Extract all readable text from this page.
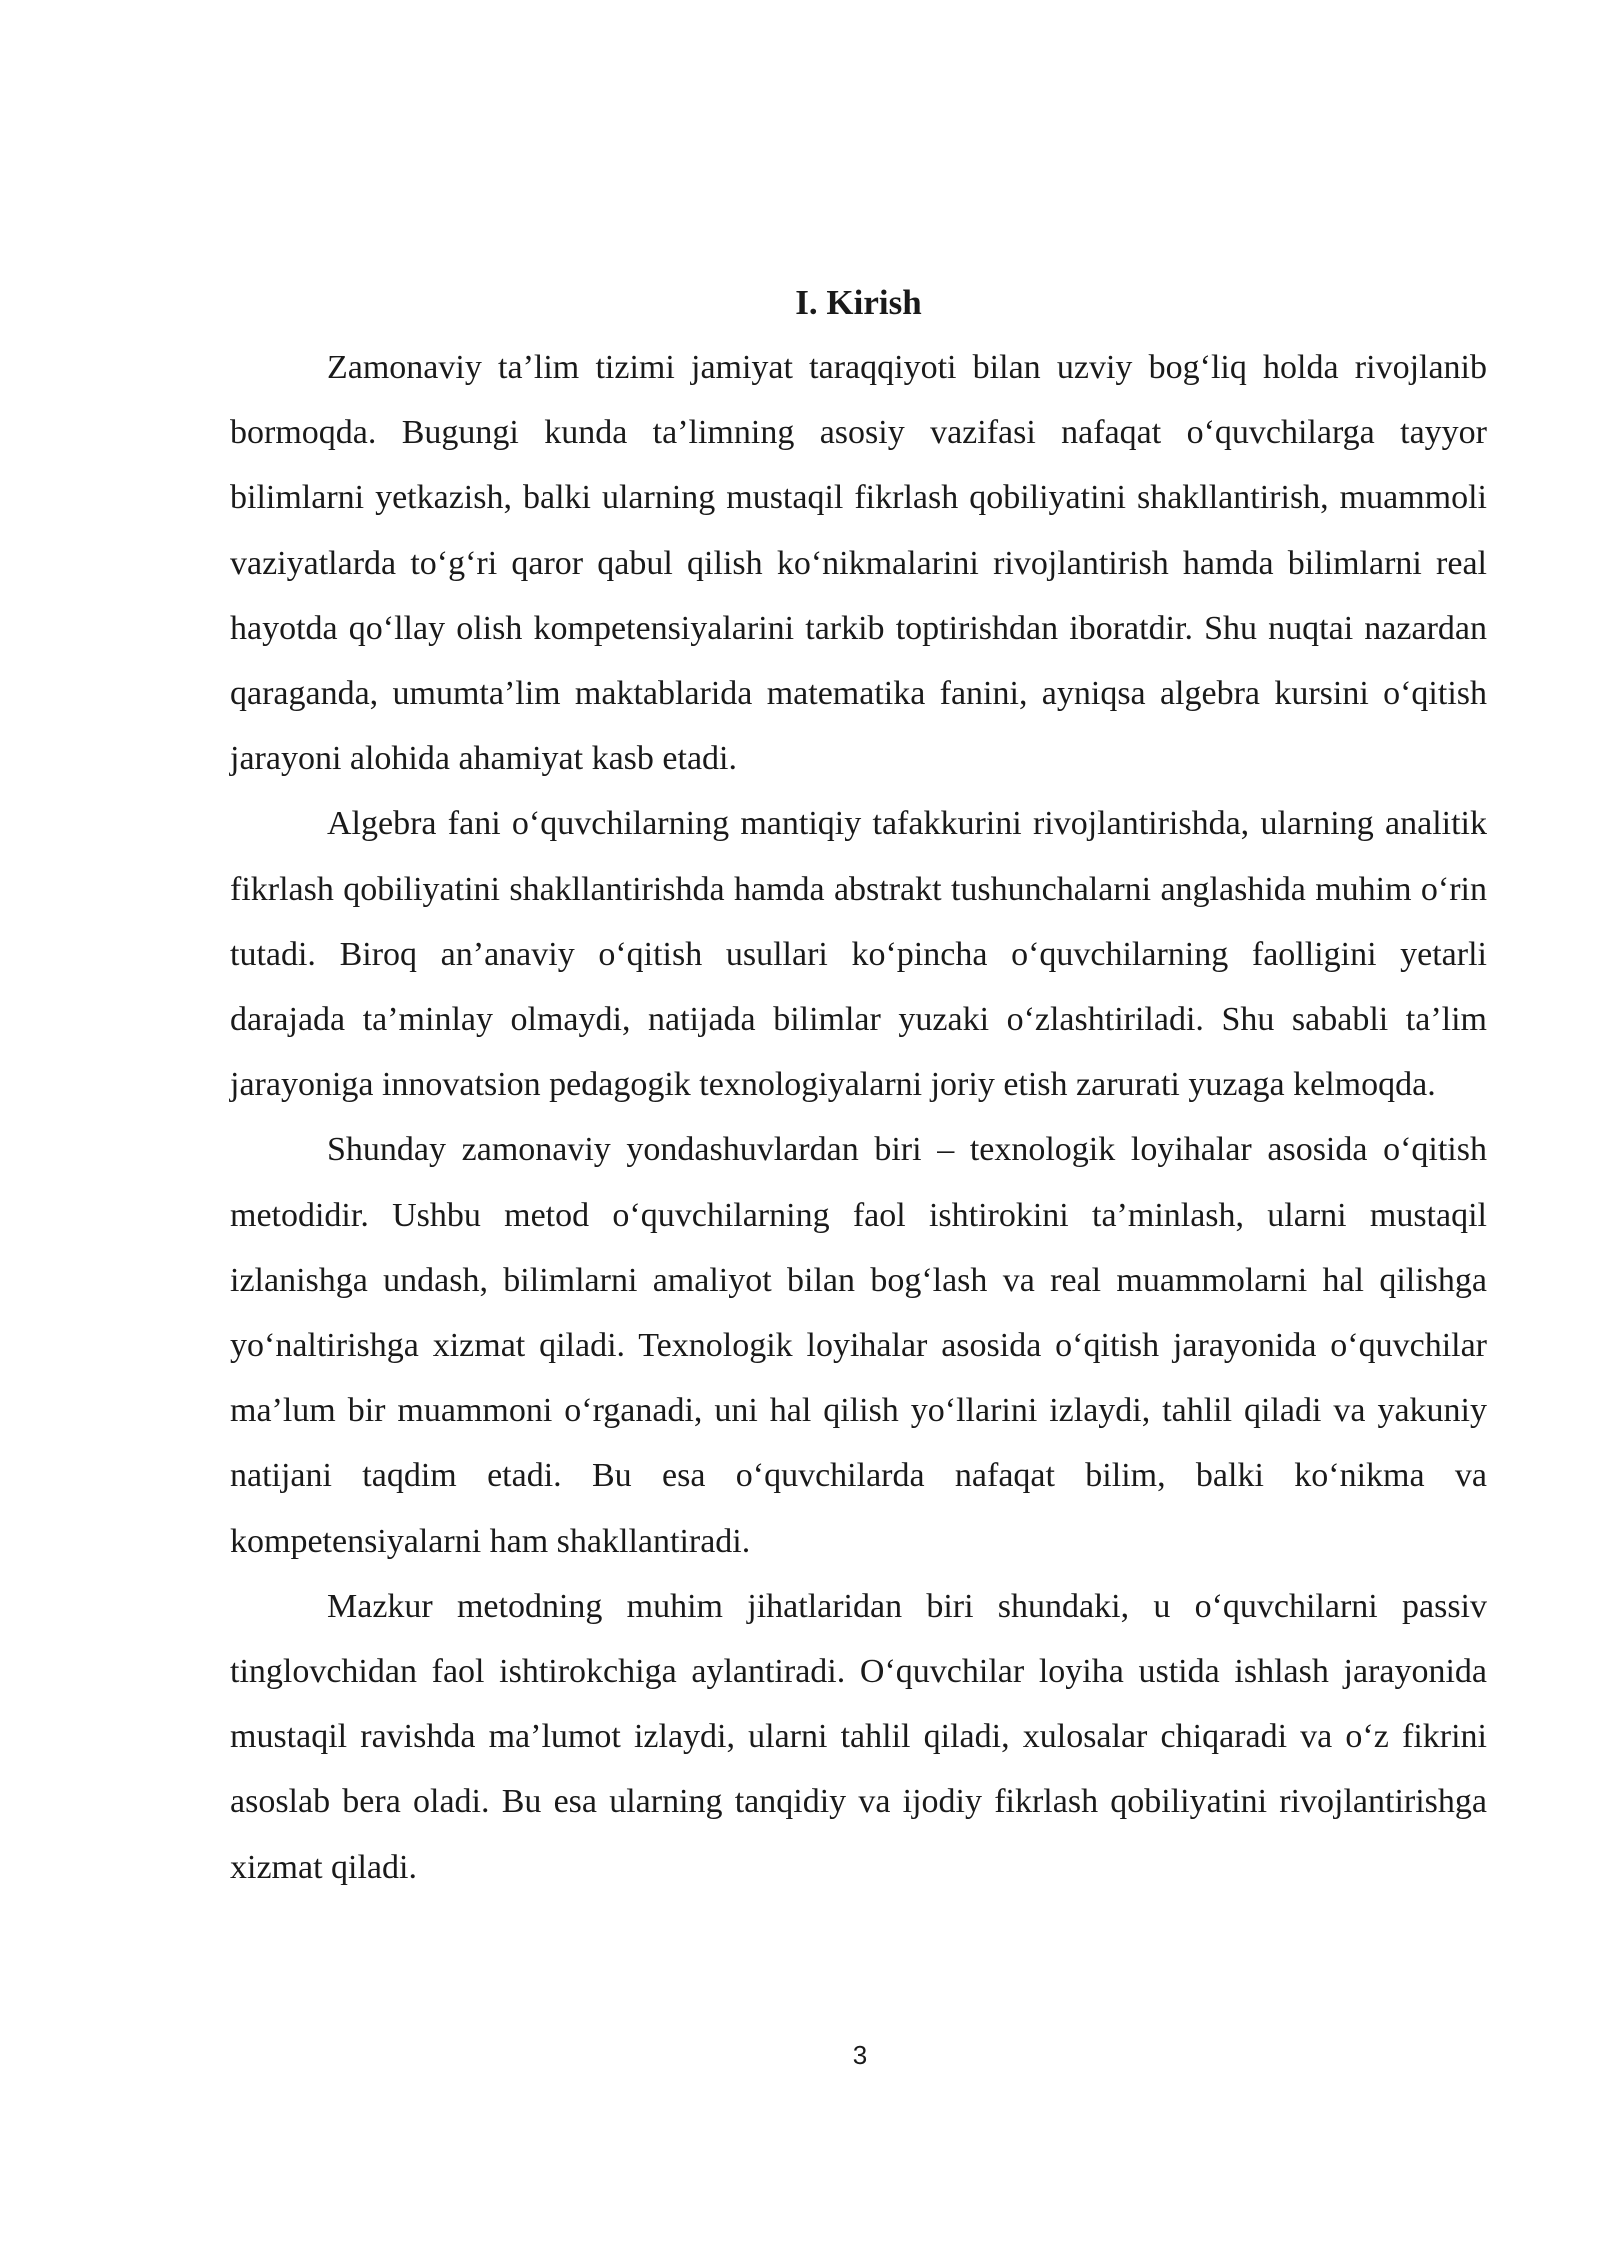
I. Kirish

Zamonaviy ta’lim tizimi jamiyat taraqqiyoti bilan uzviy bog‘liq holda rivojlanib bormoqda. Bugungi kunda ta’limning asosiy vazifasi nafaqat o‘quvchilarga tayyor bilimlarni yetkazish, balki ularning mustaqil fikrlash qobiliyatini shakllantirish, muammoli vaziyatlarda to‘g‘ri qaror qabul qilish ko‘nikmalarini rivojlantirish hamda bilimlarni real hayotda qo‘llay olish kompetensiyalarini tarkib toptirishdan iboratdir. Shu nuqtai nazardan qaraganda, umumta’lim maktablarida matematika fanini, ayniqsa algebra kursini o‘qitish jarayoni alohida ahamiyat kasb etadi.

Algebra fani o‘quvchilarning mantiqiy tafakkurini rivojlantirishda, ularning analitik fikrlash qobiliyatini shakllantirishda hamda abstrakt tushunchalarni anglashida muhim o‘rin tutadi. Biroq an’anaviy o‘qitish usullari ko‘pincha o‘quvchilarning faolligini yetarli darajada ta’minlay olmaydi, natijada bilimlar yuzaki o‘zlashtiriladi. Shu sababli ta’lim jarayoniga innovatsion pedagogik texnologiyalarni joriy etish zarurati yuzaga kelmoqda.

Shunday zamonaviy yondashuvlardan biri – texnologik loyihalar asosida o‘qitish metodidir. Ushbu metod o‘quvchilarning faol ishtirokini ta’minlash, ularni mustaqil izlanishga undash, bilimlarni amaliyot bilan bog‘lash va real muammolarni hal qilishga yo‘naltirishga xizmat qiladi. Texnologik loyihalar asosida o‘qitish jarayonida o‘quvchilar ma’lum bir muammoni o‘rganadi, uni hal qilish yo‘llarini izlaydi, tahlil qiladi va yakuniy natijani taqdim etadi. Bu esa o‘quvchilarda nafaqat bilim, balki ko‘nikma va kompetensiyalarni ham shakllantiradi.

Mazkur metodning muhim jihatlaridan biri shundaki, u o‘quvchilarni passiv tinglovchidan faol ishtirokchiga aylantiradi. O‘quvchilar loyiha ustida ishlash jarayonida mustaqil ravishda ma’lumot izlaydi, ularni tahlil qiladi, xulosalar chiqaradi va o‘z fikrini asoslab bera oladi. Bu esa ularning tanqidiy va ijodiy fikrlash qobiliyatini rivojlantirishga xizmat qiladi.

3
